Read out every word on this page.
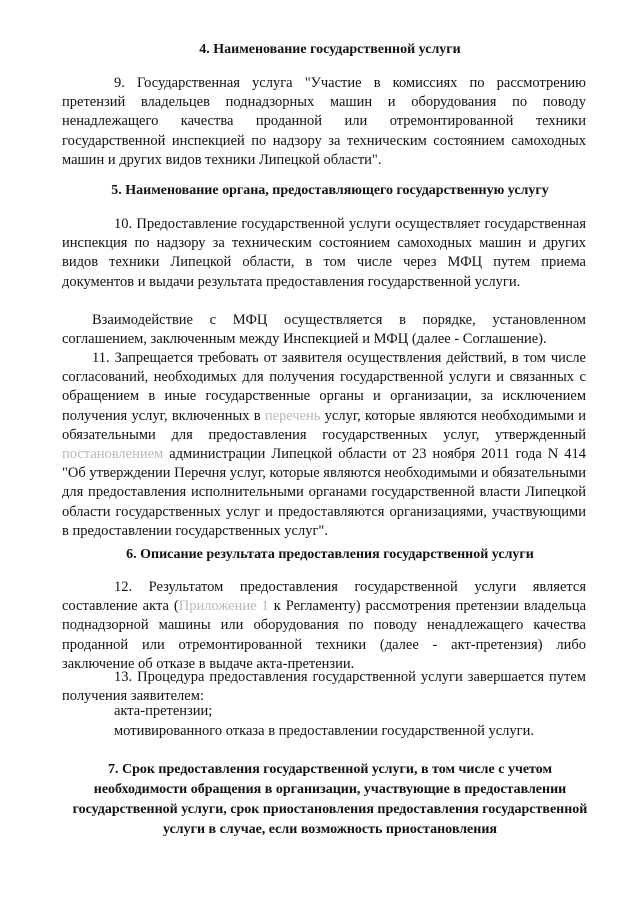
4. Наименование государственной услуги
9. Государственная услуга "Участие в комиссиях по рассмотрению претензий владельцев поднадзорных машин и оборудования по поводу ненадлежащего качества проданной или отремонтированной техники государственной инспекцией по надзору за техническим состоянием самоходных машин и других видов техники Липецкой области".
5. Наименование органа, предоставляющего государственную услугу
10. Предоставление государственной услуги осуществляет государственная инспекция по надзору за техническим состоянием самоходных машин и других видов техники Липецкой области, в том числе через МФЦ путем приема документов и выдачи результата предоставления государственной услуги.
Взаимодействие с МФЦ осуществляется в порядке, установленном соглашением, заключенным между Инспекцией и МФЦ (далее - Соглашение).
11. Запрещается требовать от заявителя осуществления действий, в том числе согласований, необходимых для получения государственной услуги и связанных с обращением в иные государственные органы и организации, за исключением получения услуг, включенных в перечень услуг, которые являются необходимыми и обязательными для предоставления государственных услуг, утвержденный постановлением администрации Липецкой области от 23 ноября 2011 года N 414 "Об утверждении Перечня услуг, которые являются необходимыми и обязательными для предоставления исполнительными органами государственной власти Липецкой области государственных услуг и предоставляются организациями, участвующими в предоставлении государственных услуг".
6. Описание результата предоставления государственной услуги
12. Результатом предоставления государственной услуги является составление акта (Приложение 1 к Регламенту) рассмотрения претензии владельца поднадзорной машины или оборудования по поводу ненадлежащего качества проданной или отремонтированной техники (далее - акт-претензия) либо заключение об отказе в выдаче акта-претензии.
13. Процедура предоставления государственной услуги завершается путем получения заявителем:
акта-претензии;
мотивированного отказа в предоставлении государственной услуги.
7. Срок предоставления государственной услуги, в том числе с учетом необходимости обращения в организации, участвующие в предоставлении государственной услуги, срок приостановления предоставления государственной услуги в случае, если возможность приостановления
